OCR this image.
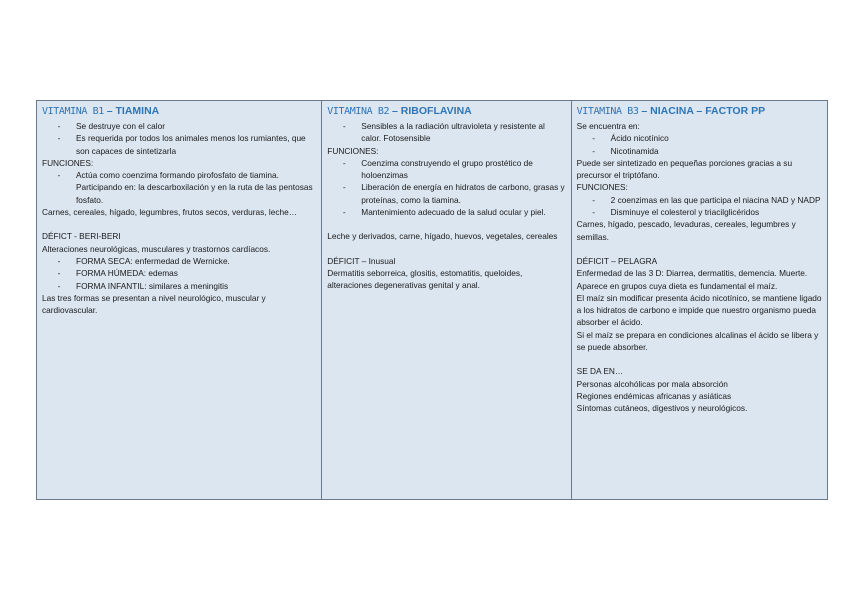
VITAMINA B1 – TIAMINA
-	Se destruye con el calor
-	Es requerida por todos los animales menos los rumiantes, que son capaces de sintetizarla

FUNCIONES:

-	Actúa como coenzima formando pirofosfato de tiamina. Participando en: la descarboxilación y en la ruta de las pentosas fosfato.

Carnes, cereales, hígado, legumbres, frutos secos, verduras, leche…

DÉFICT - BERI-BERI

Alteraciones neurológicas, musculares y trastornos cardíacos.

-	FORMA SECA: enfermedad de Wernicke.
-	FORMA HÚMEDA: edemas
-	FORMA INFANTIL: similares a meningitis

Las tres formas se presentan a nivel neurológico, muscular y cardiovascular.

VITAMINA B2 – RIBOFLAVINA
-	Sensibles a la radiación ultravioleta y resistente al calor. Fotosensible

FUNCIONES:

-	Coenzima construyendo el grupo prostético de holoenzimas
-	Liberación de energía en hidratos de carbono, grasas y proteínas, como la tiamina.
-	Mantenimiento adecuado de la salud ocular y piel.

Leche y derivados, carne, hígado, huevos, vegetales, cereales

DÉFICIT – Inusual

Dermatitis seborreica, glositis, estomatitis, queloides, alteraciones degenerativas genital y anal.

VITAMINA B3 – NIACINA – FACTOR PP

Se encuentra en:

-	Ácido nicotínico
-	Nicotinamida

Puede ser sintetizado en pequeñas porciones gracias a su precursor el triptófano.

FUNCIONES:

-	2 coenzimas en las que participa el niacina NAD y NADP
-	Disminuye el colesterol y triacilglicéridos

Carnes, hígado, pescado, levaduras, cereales, legumbres y semillas.

DÉFICIT – PELAGRA

Enfermedad de las 3 D: Diarrea, dermatitis, demencia. Muerte.

Aparece en grupos cuya dieta es fundamental el maíz.

El maíz sin modificar presenta ácido nicotínico, se mantiene ligado a los hidratos de carbono e impide que nuestro organismo pueda absorber el ácido.

Si el maíz se prepara en condiciones alcalinas el ácido se libera y se puede absorber.

SE DA EN…

Personas alcohólicas por mala absorción

Regiones endémicas africanas y asiáticas

Síntomas cutáneos, digestivos y neurológicos.
